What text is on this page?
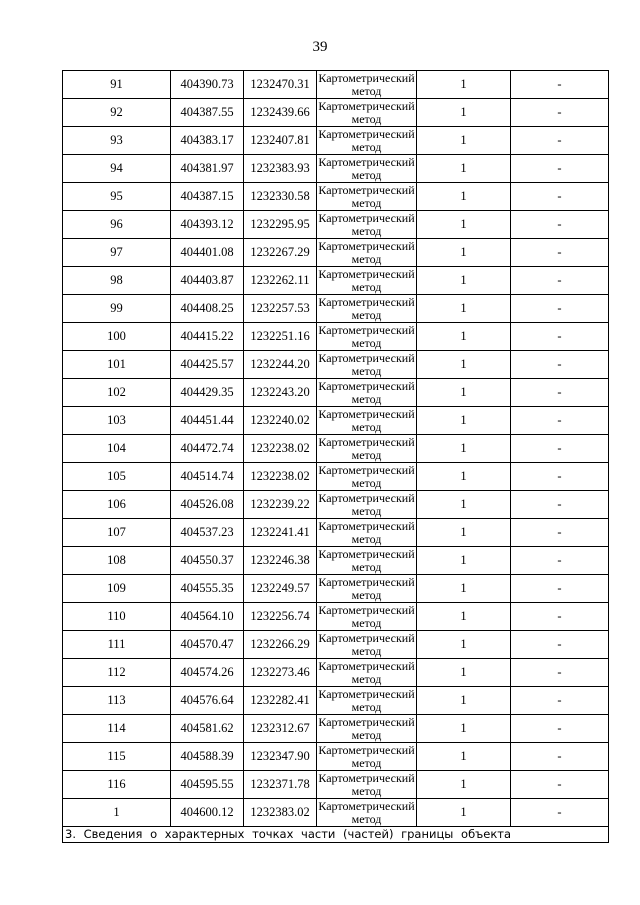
39
91	404390.73	1232470.31	Картометрический метод	1	-
92	404387.55	1232439.66	Картометрический метод	1	-
93	404383.17	1232407.81	Картометрический метод	1	-
94	404381.97	1232383.93	Картометрический метод	1	-
95	404387.15	1232330.58	Картометрический метод	1	-
96	404393.12	1232295.95	Картометрический метод	1	-
97	404401.08	1232267.29	Картометрический метод	1	-
98	404403.87	1232262.11	Картометрический метод	1	-
99	404408.25	1232257.53	Картометрический метод	1	-
100	404415.22	1232251.16	Картометрический метод	1	-
101	404425.57	1232244.20	Картометрический метод	1	-
102	404429.35	1232243.20	Картометрический метод	1	-
103	404451.44	1232240.02	Картометрический метод	1	-
104	404472.74	1232238.02	Картометрический метод	1	-
105	404514.74	1232238.02	Картометрический метод	1	-
106	404526.08	1232239.22	Картометрический метод	1	-
107	404537.23	1232241.41	Картометрический метод	1	-
108	404550.37	1232246.38	Картометрический метод	1	-
109	404555.35	1232249.57	Картометрический метод	1	-
110	404564.10	1232256.74	Картометрический метод	1	-
111	404570.47	1232266.29	Картометрический метод	1	-
112	404574.26	1232273.46	Картометрический метод	1	-
113	404576.64	1232282.41	Картометрический метод	1	-
114	404581.62	1232312.67	Картометрический метод	1	-
115	404588.39	1232347.90	Картометрический метод	1	-
116	404595.55	1232371.78	Картометрический метод	1	-
1	404600.12	1232383.02	Картометрический метод	1	-
3. Сведения о характерных точках части (частей) границы объекта					
